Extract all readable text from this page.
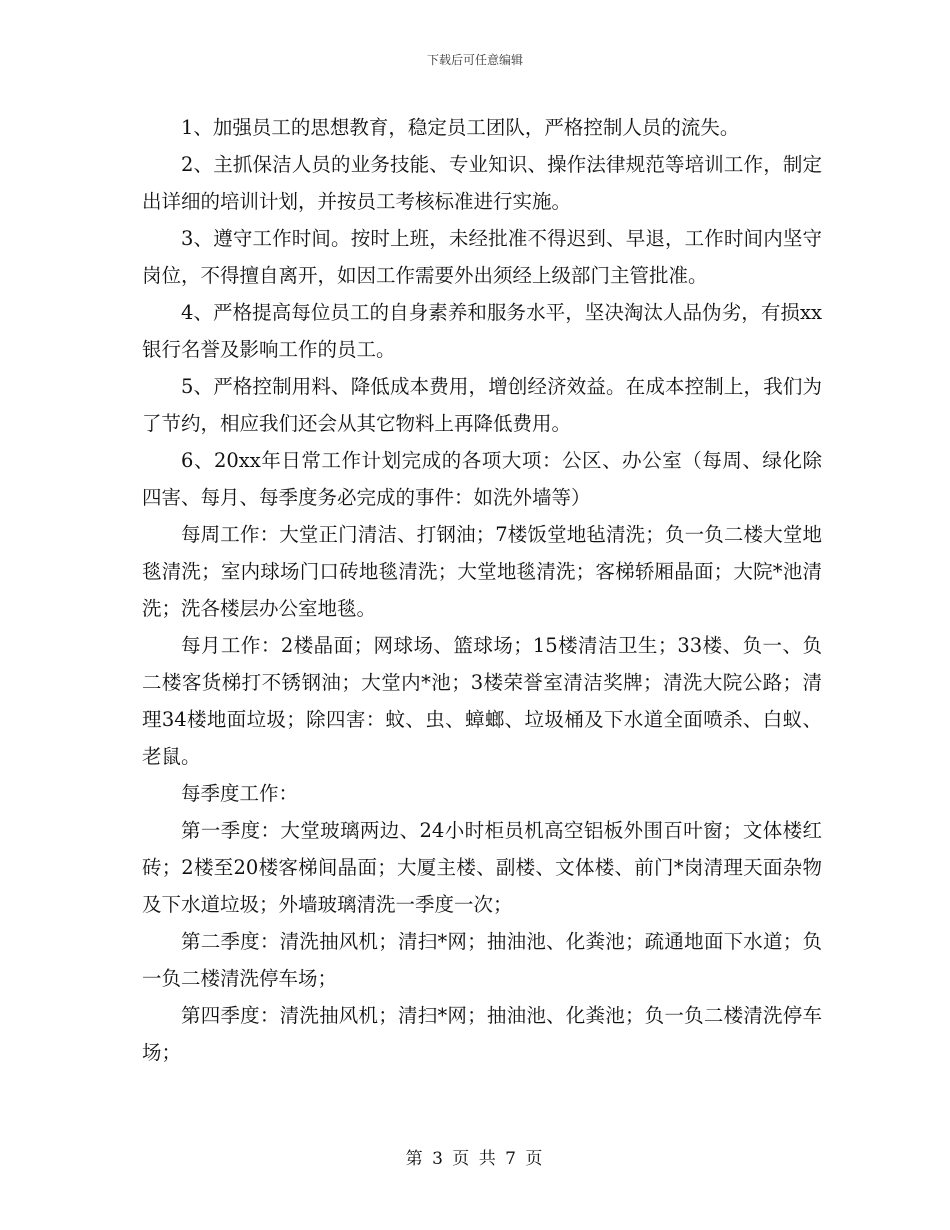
下载后可任意编辑

1、加强员工的思想教育，稳定员工团队，严格控制人员的流失。

2、主抓保洁人员的业务技能、专业知识、操作法律规范等培训工作，制定出详细的培训计划，并按员工考核标准进行实施。

3、遵守工作时间。按时上班，未经批准不得迟到、早退，工作时间内坚守岗位，不得擅自离开，如因工作需要外出须经上级部门主管批准。

4、严格提高每位员工的自身素养和服务水平，坚决淘汰人品伪劣，有损xx银行名誉及影响工作的员工。

5、严格控制用料、降低成本费用，增创经济效益。在成本控制上，我们为了节约，相应我们还会从其它物料上再降低费用。

6、20xx年日常工作计划完成的各项大项：公区、办公室（每周、绿化除四害、每月、每季度务必完成的事件：如洗外墙等）

每周工作：大堂正门清洁、打钢油；7楼饭堂地毡清洗；负一负二楼大堂地毯清洗；室内球场门口砖地毯清洗；大堂地毯清洗；客梯轿厢晶面；大院*池清洗；洗各楼层办公室地毯。

每月工作：2楼晶面；网球场、篮球场；15楼清洁卫生；33楼、负一、负二楼客货梯打不锈钢油；大堂内*池；3楼荣誉室清洁奖牌；清洗大院公路；清理34楼地面垃圾；除四害：蚊、虫、蟑螂、垃圾桶及下水道全面喷杀、白蚁、老鼠。

每季度工作：

第一季度：大堂玻璃两边、24小时柜员机高空铝板外围百叶窗；文体楼红砖；2楼至20楼客梯间晶面；大厦主楼、副楼、文体楼、前门*岗清理天面杂物及下水道垃圾；外墙玻璃清洗一季度一次；

第二季度：清洗抽风机；清扫*网；抽油池、化粪池；疏通地面下水道；负一负二楼清洗停车场；

第四季度：清洗抽风机；清扫*网；抽油池、化粪池；负一负二楼清洗停车场；

第 3 页 共 7 页
